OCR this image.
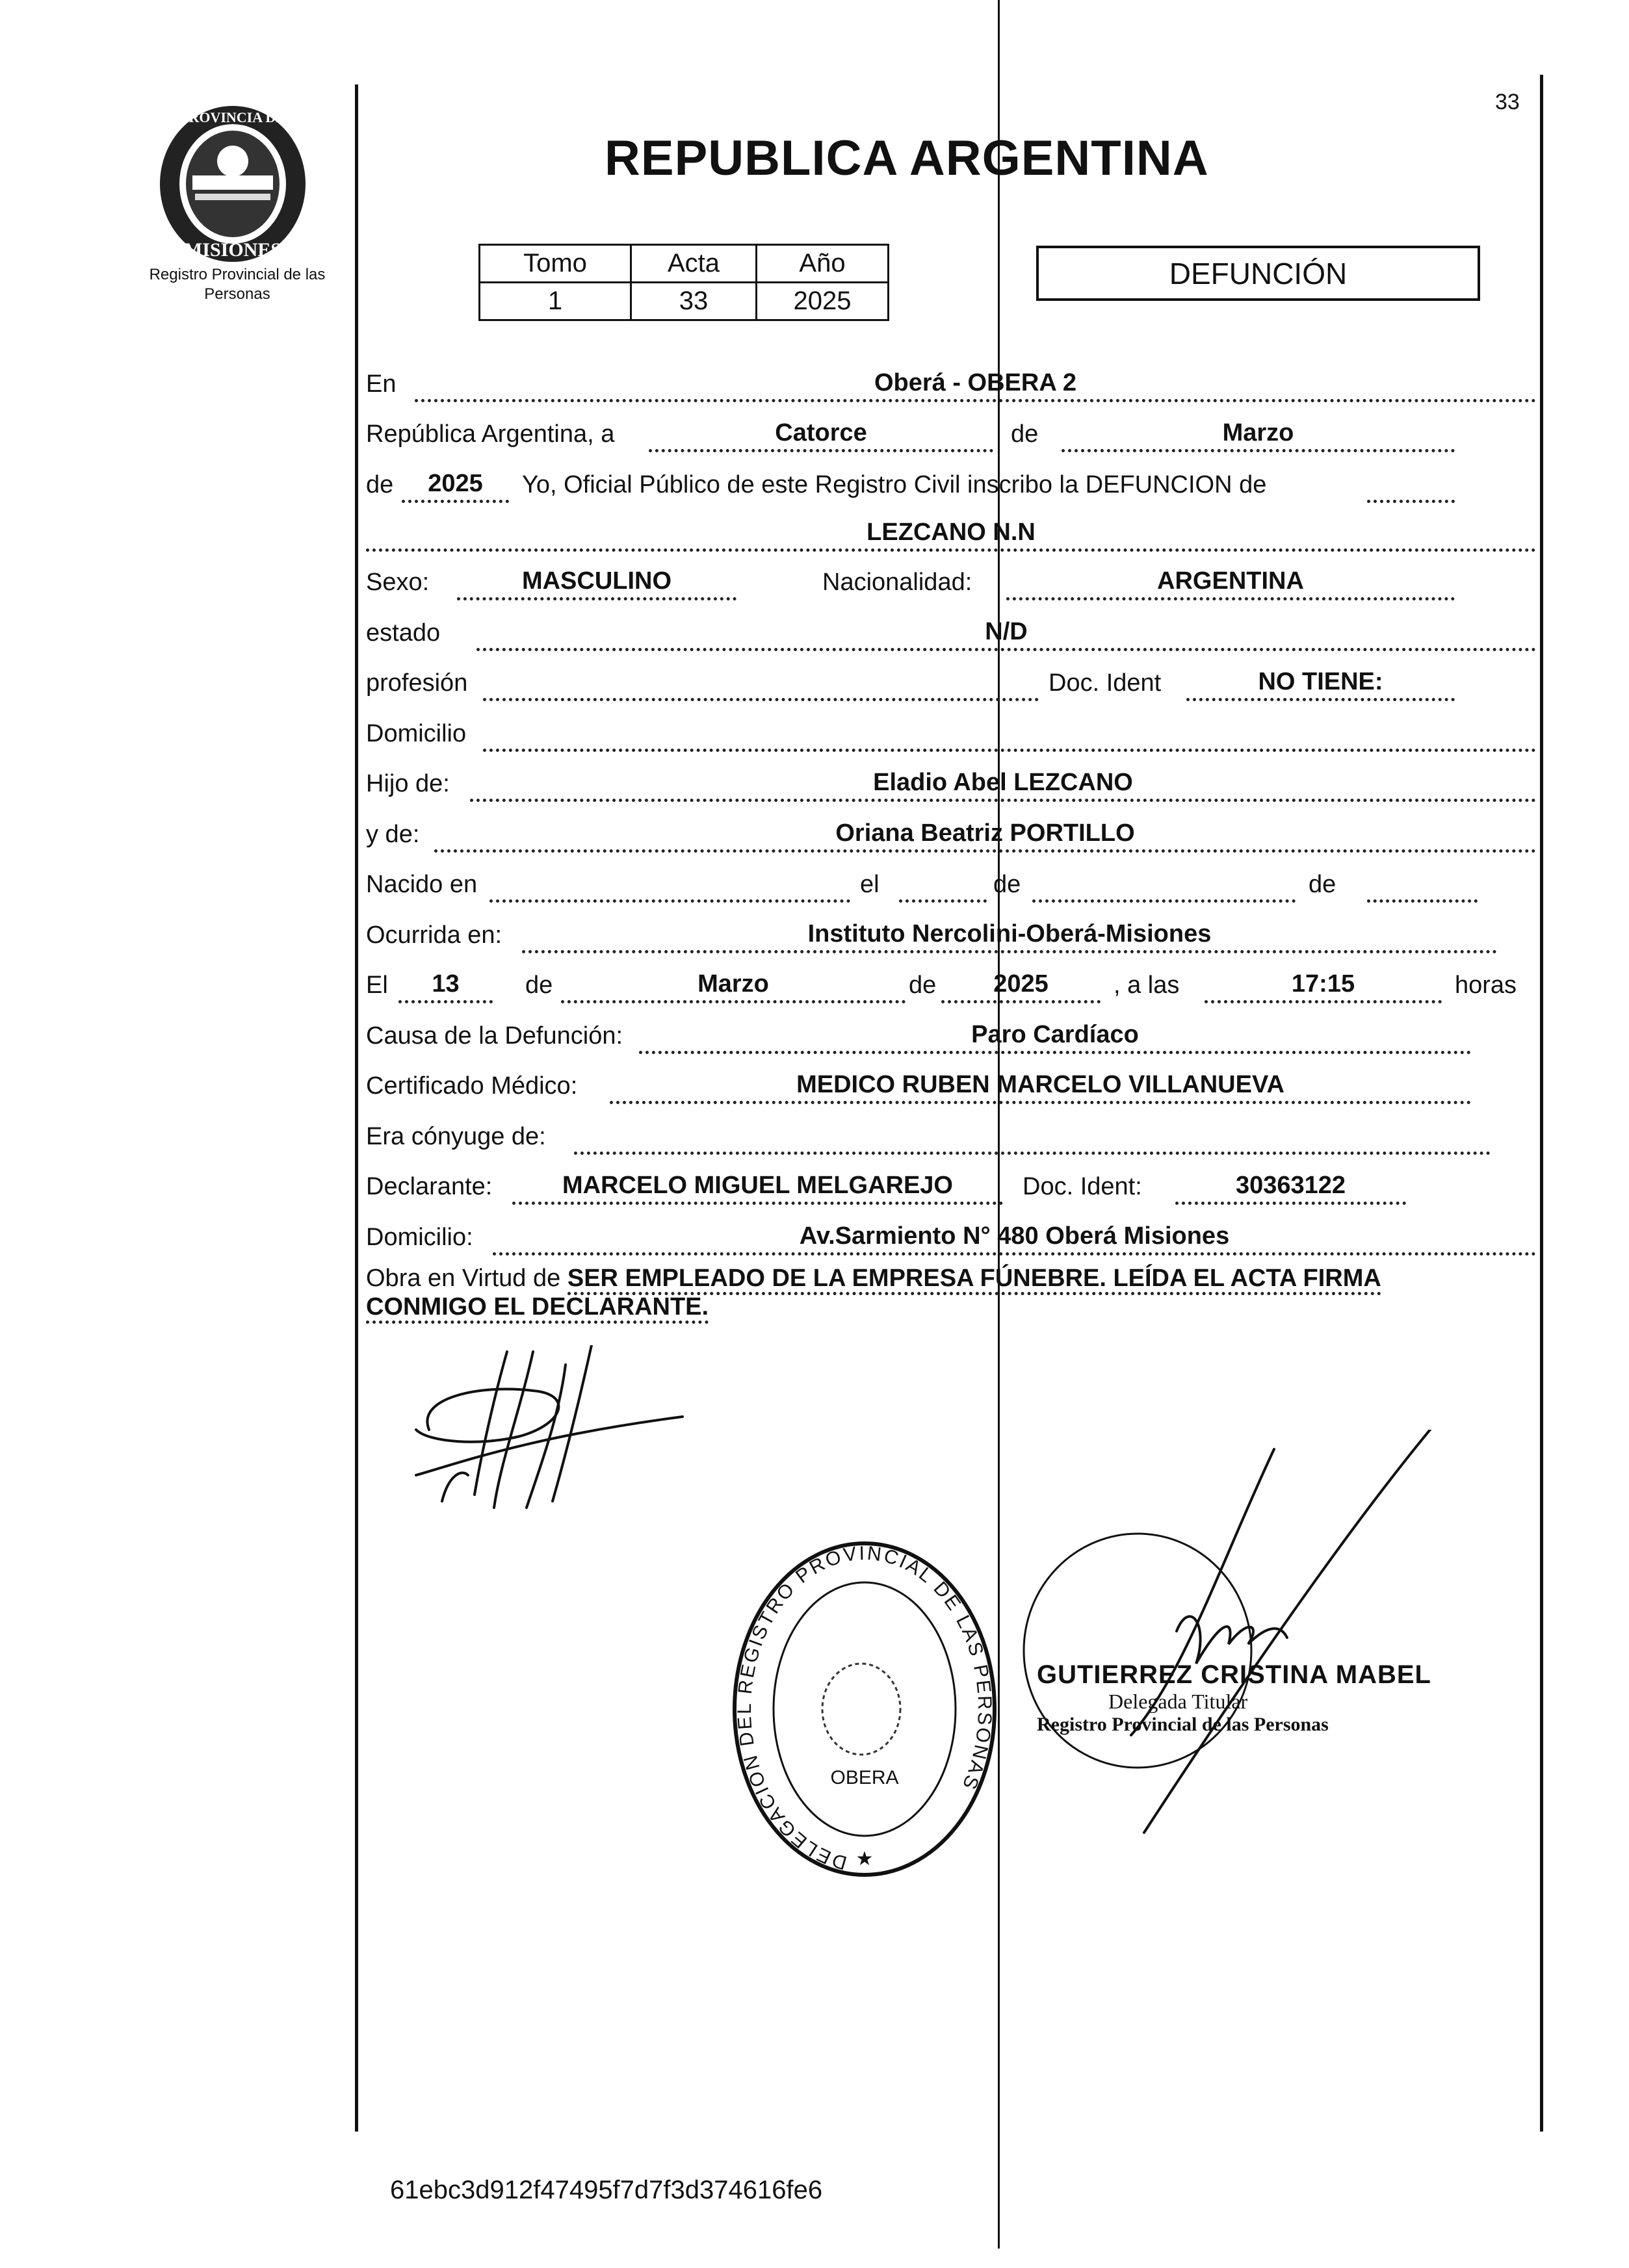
PROVINCIA DE
MISIONES
Registro Provincial de las Personas
33
REPUBLICA ARGENTINA
Tomo	Acta	Año
1	33	2025
DEFUNCIÓN
En	Oberá - OBERA 2
República Argentina, a	Catorce	de	Marzo
de	2025	Yo, Oficial Público de este Registro Civil inscribo la DEFUNCION de
LEZCANO N.N
Sexo:	MASCULINO	Nacionalidad:	ARGENTINA
estado	N/D
profesión	Doc. Ident	NO TIENE:
Domicilio
Hijo de:	Eladio Abel LEZCANO
y de:	Oriana Beatriz PORTILLO
Nacido en	el	de	de
Ocurrida en:	Instituto Nercolini-Oberá-Misiones
El	13	de	Marzo	de	2025	, a las	17:15	horas
Causa de la Defunción:	Paro Cardíaco
Certificado Médico:	MEDICO RUBEN MARCELO VILLANUEVA
Era cónyuge de:
Declarante:	MARCELO MIGUEL MELGAREJO	Doc. Ident:	30363122
Domicilio:	Av.Sarmiento N° 480 Oberá Misiones
Obra en Virtud de SER EMPLEADO DE LA EMPRESA FÚNEBRE. LEÍDA EL ACTA FIRMA
CONMIGO EL DECLARANTE.
DELEGACION DEL REGISTRO PROVINCIAL DE LAS PERSONAS
OBERA
★
GUTIERREZ CRISTINA MABEL
Delegada Titular
Registro Provincial de las Personas
61ebc3d912f47495f7d7f3d374616fe6
